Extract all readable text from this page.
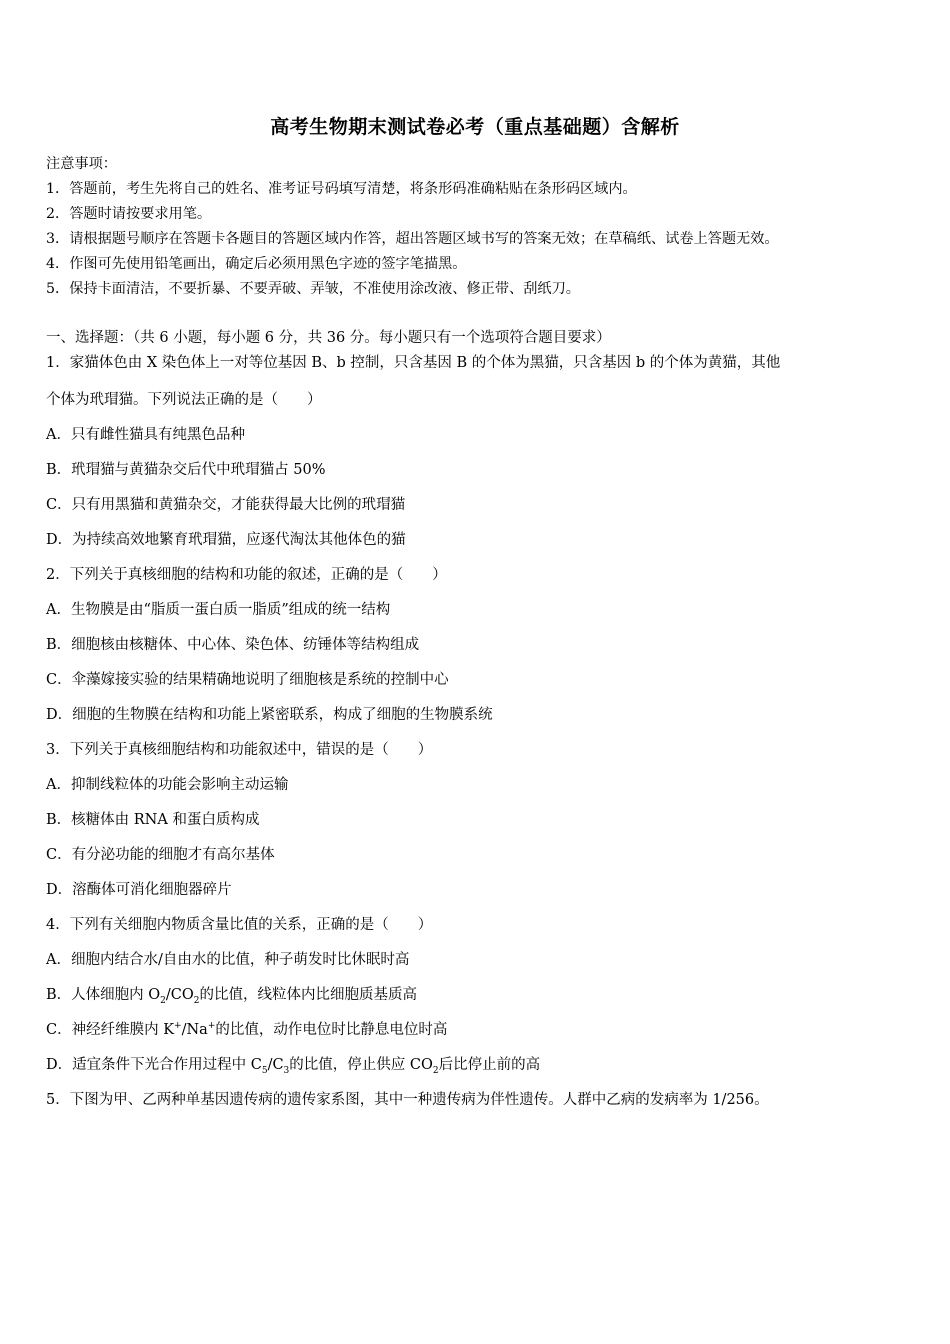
高考生物期末测试卷必考（重点基础题）含解析
注意事项：
1．答题前，考生先将自己的姓名、准考证号码填写清楚，将条形码准确粘贴在条形码区域内。
2．答题时请按要求用笔。
3．请根据题号顺序在答题卡各题目的答题区域内作答，超出答题区域书写的答案无效；在草稿纸、试卷上答题无效。
4．作图可先使用铅笔画出，确定后必须用黑色字迹的签字笔描黑。
5．保持卡面清洁，不要折暴、不要弄破、弄皱，不准使用涂改液、修正带、刮纸刀。
一、选择题：（共 6 小题，每小题 6 分，共 36 分。每小题只有一个选项符合题目要求）
1．家猫体色由 X 染色体上一对等位基因 B、b 控制，只含基因 B 的个体为黑猫，只含基因 b 的个体为黄猫，其他
个体为玳瑁猫。下列说法正确的是（　　）
A．只有雌性猫具有纯黑色品种
B．玳瑁猫与黄猫杂交后代中玳瑁猫占 50%
C．只有用黑猫和黄猫杂交，才能获得最大比例的玳瑁猫
D．为持续高效地繁育玳瑁猫，应逐代淘汰其他体色的猫
2．下列关于真核细胞的结构和功能的叙述，正确的是（　　）
A．生物膜是由“脂质一蛋白质一脂质”组成的统一结构
B．细胞核由核糖体、中心体、染色体、纺锤体等结构组成
C．伞藻嫁接实验的结果精确地说明了细胞核是系统的控制中心
D．细胞的生物膜在结构和功能上紧密联系，构成了细胞的生物膜系统
3．下列关于真核细胞结构和功能叙述中，错误的是（　　）
A．抑制线粒体的功能会影响主动运输
B．核糖体由 RNA 和蛋白质构成
C．有分泌功能的细胞才有高尔基体
D．溶酶体可消化细胞器碎片
4．下列有关细胞内物质含量比值的关系，正确的是（　　）
A．细胞内结合水/自由水的比值，种子萌发时比休眠时高
B．人体细胞内 $O_2/CO_2$的比值，线粒体内比细胞质基质高
C．神经纤维膜内 K+/Na+的比值，动作电位时比静息电位时高
D．适宜条件下光合作用过程中 $C_5/C_3$的比值，停止供应 $CO_2$后比停止前的高
5．下图为甲、乙两种单基因遗传病的遗传家系图，其中一种遗传病为伴性遗传。人群中乙病的发病率为 1/256。
